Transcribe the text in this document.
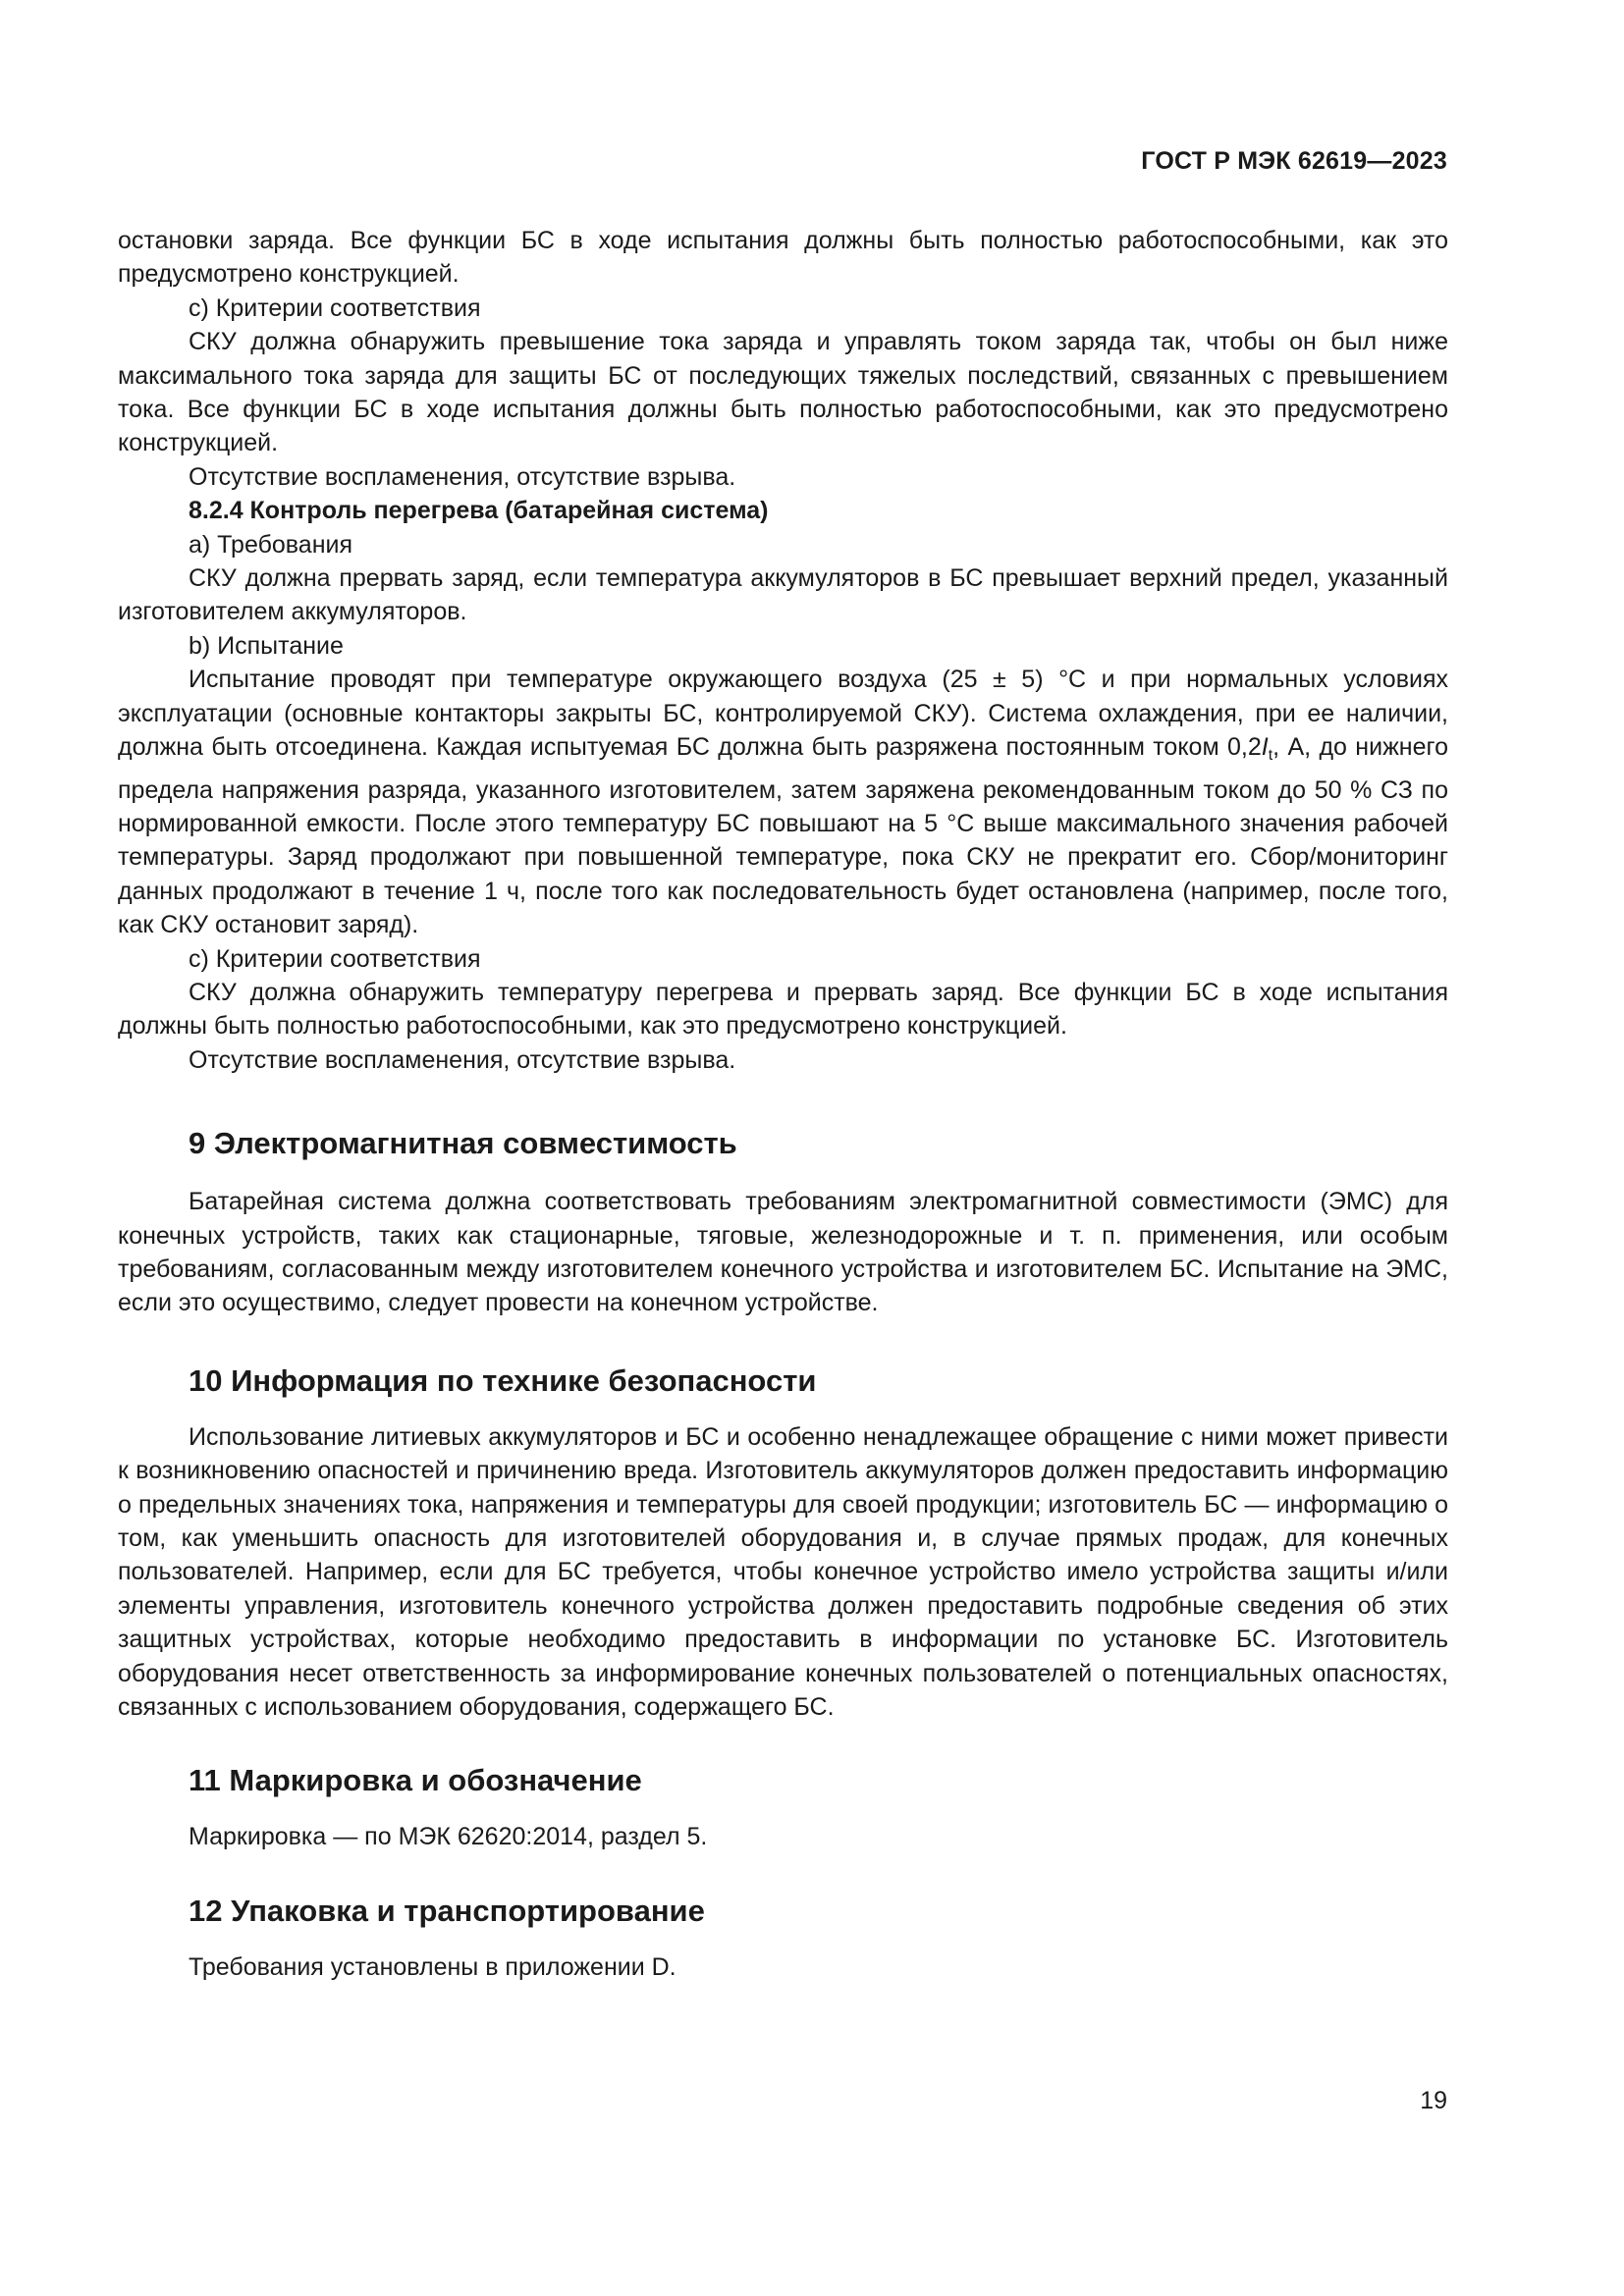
ГОСТ Р МЭК 62619—2023

остановки заряда. Все функции БС в ходе испытания должны быть полностью работоспособными, как это предусмотрено конструкцией.

c) Критерии соответствия

СКУ должна обнаружить превышение тока заряда и управлять током заряда так, чтобы он был ниже максимального тока заряда для защиты БС от последующих тяжелых последствий, связанных с превышением тока. Все функции БС в ходе испытания должны быть полностью работоспособными, как это предусмотрено конструкцией.

Отсутствие воспламенения, отсутствие взрыва.

8.2.4 Контроль перегрева (батарейная система)

a) Требования

СКУ должна прервать заряд, если температура аккумуляторов в БС превышает верхний предел, указанный изготовителем аккумуляторов.

b) Испытание

Испытание проводят при температуре окружающего воздуха (25 ± 5) °С и при нормальных условиях эксплуатации (основные контакторы закрыты БС, контролируемой СКУ). Система охлаждения, при ее наличии, должна быть отсоединена. Каждая испытуемая БС должна быть разряжена постоянным током $0,2I_t$, А, до нижнего предела напряжения разряда, указанного изготовителем, затем заряжена рекомендованным током до 50 % СЗ по нормированной емкости. После этого температуру БС повышают на 5 °С выше максимального значения рабочей температуры. Заряд продолжают при повышенной температуре, пока СКУ не прекратит его. Сбор/мониторинг данных продолжают в течение 1 ч, после того как последовательность будет остановлена (например, после того, как СКУ остановит заряд).

c) Критерии соответствия

СКУ должна обнаружить температуру перегрева и прервать заряд. Все функции БС в ходе испытания должны быть полностью работоспособными, как это предусмотрено конструкцией.

Отсутствие воспламенения, отсутствие взрыва.

9 Электромагнитная совместимость

Батарейная система должна соответствовать требованиям электромагнитной совместимости (ЭМС) для конечных устройств, таких как стационарные, тяговые, железнодорожные и т. п. применения, или особым требованиям, согласованным между изготовителем конечного устройства и изготовителем БС. Испытание на ЭМС, если это осуществимо, следует провести на конечном устройстве.

10 Информация по технике безопасности

Использование литиевых аккумуляторов и БС и особенно ненадлежащее обращение с ними может привести к возникновению опасностей и причинению вреда. Изготовитель аккумуляторов должен предоставить информацию о предельных значениях тока, напряжения и температуры для своей продукции; изготовитель БС — информацию о том, как уменьшить опасность для изготовителей оборудования и, в случае прямых продаж, для конечных пользователей. Например, если для БС требуется, чтобы конечное устройство имело устройства защиты и/или элементы управления, изготовитель конечного устройства должен предоставить подробные сведения об этих защитных устройствах, которые необходимо предоставить в информации по установке БС. Изготовитель оборудования несет ответственность за информирование конечных пользователей о потенциальных опасностях, связанных с использованием оборудования, содержащего БС.

11 Маркировка и обозначение

Маркировка — по МЭК 62620:2014, раздел 5.

12 Упаковка и транспортирование

Требования установлены в приложении D.

19
